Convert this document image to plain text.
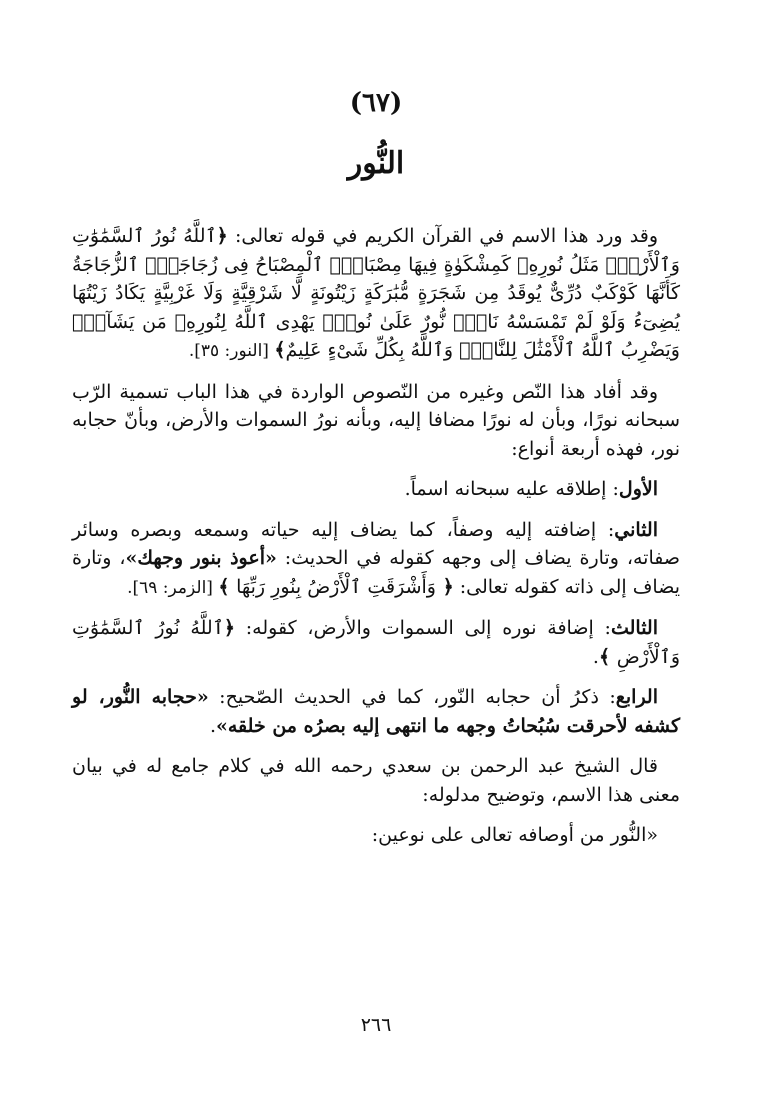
(٦٧)
النُّور

وقد ورد هذا الاسم في القرآن الكريم في قوله تعالى: ﴿ٱللَّهُ نُورُ ٱلسَّمَٰوَٰتِ وَٱلْأَرْضِۚ مَثَلُ نُورِهِۦ كَمِشْكَوٰةٍ فِيهَا مِصْبَاحٌۖ ٱلْمِصْبَاحُ فِى زُجَاجَةٍۖ ٱلزُّجَاجَةُ كَأَنَّهَا كَوْكَبٌ دُرِّىٌّ يُوقَدُ مِن شَجَرَةٍ مُّبَٰرَكَةٍ زَيْتُونَةٍ لَّا شَرْقِيَّةٍ وَلَا غَرْبِيَّةٍ يَكَادُ زَيْتُهَا يُضِىٓءُ وَلَوْ لَمْ تَمْسَسْهُ نَارٌۚ نُّورٌ عَلَىٰ نُورٍۗ يَهْدِى ٱللَّهُ لِنُورِهِۦ مَن يَشَآءُۚ وَيَضْرِبُ ٱللَّهُ ٱلْأَمْثَٰلَ لِلنَّاسِۗ وَٱللَّهُ بِكُلِّ شَىْءٍ عَلِيمٌ﴾ [النور: ٣٥].

وقد أفاد هذا النّص وغيره من النّصوص الواردة في هذا الباب تسمية الرّب سبحانه نورًا، وبأن له نورًا مضافا إليه، وبأنه نورُ السموات والأرض، وبأنّ حجابه نور، فهذه أربعة أنواع:

الأول: إطلاقه عليه سبحانه اسماً.

الثاني: إضافته إليه وصفاً، كما يضاف إليه حياته وسمعه وبصره وسائر صفاته، وتارة يضاف إلى وجهه كقوله في الحديث: «أعوذ بنور وجهك»، وتارة يضاف إلى ذاته كقوله تعالى: ﴿ وَأَشْرَقَتِ ٱلْأَرْضُ بِنُورِ رَبِّهَا ﴾ [الزمر: ٦٩].

الثالث: إضافة نوره إلى السموات والأرض، كقوله: ﴿ٱللَّهُ نُورُ ٱلسَّمَٰوَٰتِ وَٱلْأَرْضِ ﴾.

الرابع: ذكرُ أن حجابه النّور، كما في الحديث الصّحيح: «حجابه النُّور، لو كشفه لأحرقت سُبُحاتُ وجهه ما انتهى إليه بصرُه من خلقه».

قال الشيخ عبد الرحمن بن سعدي رحمه الله في كلام جامع له في بيان معنى هذا الاسم، وتوضيح مدلوله:

«النُّور من أوصافه تعالى على نوعين:

٢٦٦
